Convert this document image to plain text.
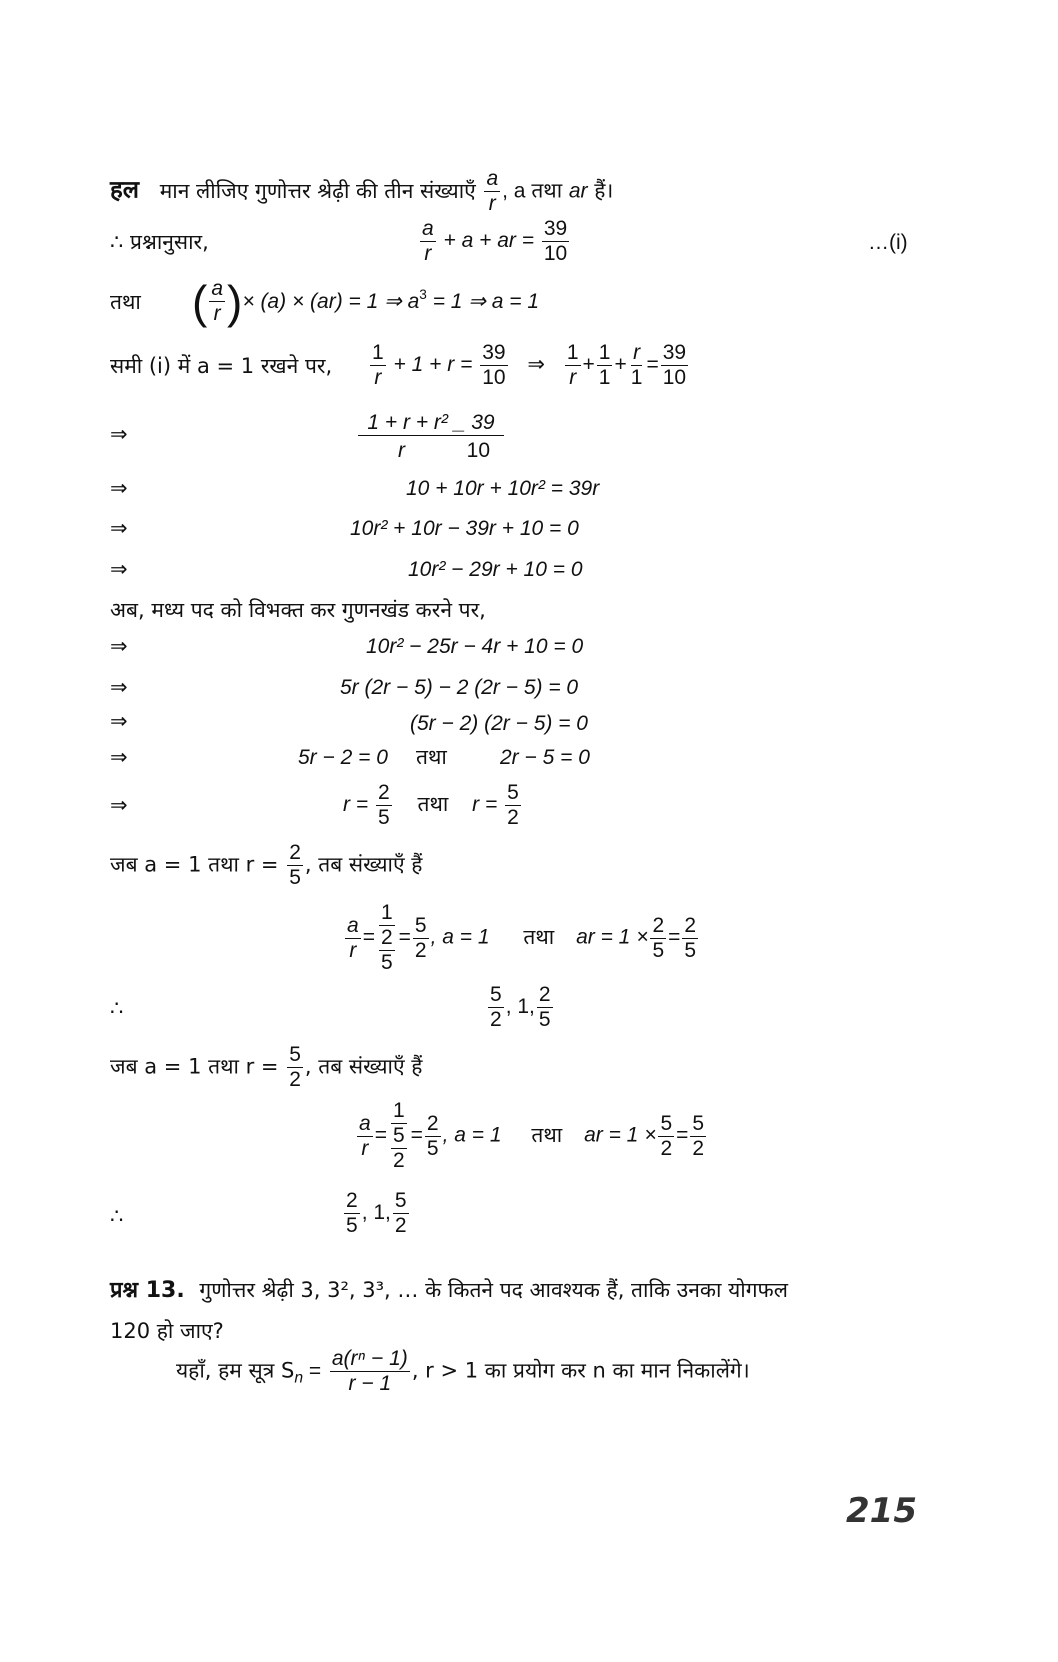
हल मान लीजिए गुणोत्तर श्रेढ़ी की तीन संख्याएँ $\frac{a}{r}$ , a तथा ar हैं।
∴ प्रश्नानुसार,	$\frac{a}{r} + a$ + ar = $\frac{39}{10}$	…(i)
तथा ( $\frac{a}{r}$ ) × (a) × (ar) = 1 ⇒ $a^3 = 1$ ⇒ a = 1
समी (i) में a = 1 रखने पर, $\frac{1}{r} + 1 + r = \frac{39}{10}$ ⇒ $\frac{1}{r} + \frac{1}{1} + \frac{r}{1} = \frac{39}{10}$
⇒
1 + r + r² _ 39
r	10
⇒	10 + 10r + 10r² = 39r
⇒	10r² + 10r − 39r + 10 = 0
⇒	10r² − 29r + 10 = 0
अब, मध्य पद को विभक्त कर गुणनखंड करने पर,
⇒	10r² − 25r − 4r + 10 = 0
⇒	5r (2r − 5) − 2 (2r − 5) = 0
⇒	(5r − 2) (2r − 5) = 0
⇒	5r − 2 = 0 तथा	2r − 5 = 0
⇒	$r = \frac{2}{5}$ तथा $r = \frac{5}{2}$
जब a = 1 तथा $r = \frac{2}{5}$ , तब संख्याएँ हैं
$\frac{a}{r} = \frac{1}{\frac{2}{5}} = \frac{5}{2}$ , a = 1 तथा ar = $1 \times \frac{2}{5} = \frac{2}{5}$
∴	$\frac{5}{2}$ , 1, $\frac{2}{5}$
जब a = 1 तथा $r = \frac{5}{2}$ , तब संख्याएँ हैं
$\frac{a}{r} = \frac{1}{\frac{5}{2}} = \frac{2}{5}$ , a = 1 तथा ar = $1 \times \frac{5}{2} = \frac{5}{2}$
∴	$\frac{2}{5}$ , 1, $\frac{5}{2}$
प्रश्न 13. गुणोत्तर श्रेढ़ी 3, 3², 3³, … के कितने पद आवश्यक हैं, ताकि उनका योगफल
120 हो जाए?
यहाँ, हम सूत्र $S_n = \frac{\text{a(rⁿ − 1)}}{r - 1}$ , r > 1 का प्रयोग कर n का मान निकालेंगे।
215
